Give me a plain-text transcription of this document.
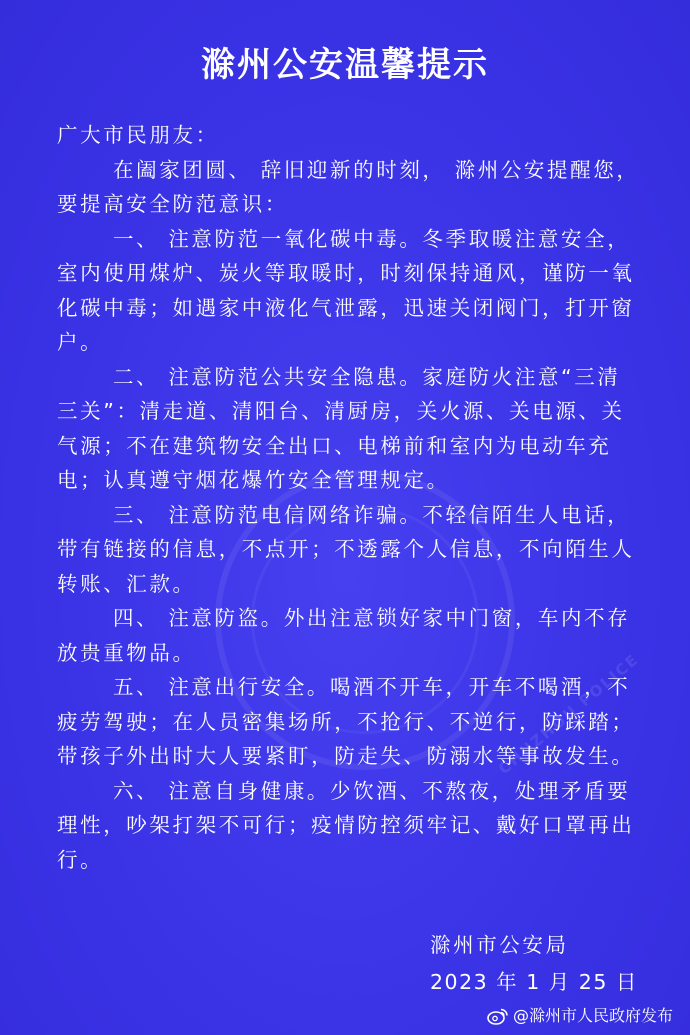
CHUZHOU POLICE
滁州公安温馨提示

广大市民朋友：

在阖家团圆、 辞旧迎新的时刻， 滁州公安提醒您，要提高安全防范意识：

一、 注意防范一氧化碳中毒。冬季取暖注意安全，室内使用煤炉、炭火等取暖时，时刻保持通风，谨防一氧化碳中毒；如遇家中液化气泄露，迅速关闭阀门，打开窗户。

二、 注意防范公共安全隐患。家庭防火注意“三清三关”：清走道、清阳台、清厨房，关火源、关电源、关气源；不在建筑物安全出口、电梯前和室内为电动车充电；认真遵守烟花爆竹安全管理规定。

三、 注意防范电信网络诈骗。不轻信陌生人电话，带有链接的信息，不点开；不透露个人信息，不向陌生人转账、汇款。

四、 注意防盗。外出注意锁好家中门窗，车内不存放贵重物品。

五、 注意出行安全。喝酒不开车，开车不喝酒，不疲劳驾驶；在人员密集场所，不抢行、不逆行，防踩踏；带孩子外出时大人要紧盯，防走失、防溺水等事故发生。

六、 注意自身健康。少饮酒、不熬夜，处理矛盾要理性，吵架打架不可行；疫情防控须牢记、戴好口罩再出行。

滁州市公安局
2023 年 1 月 25 日
@滁州市人民政府发布
